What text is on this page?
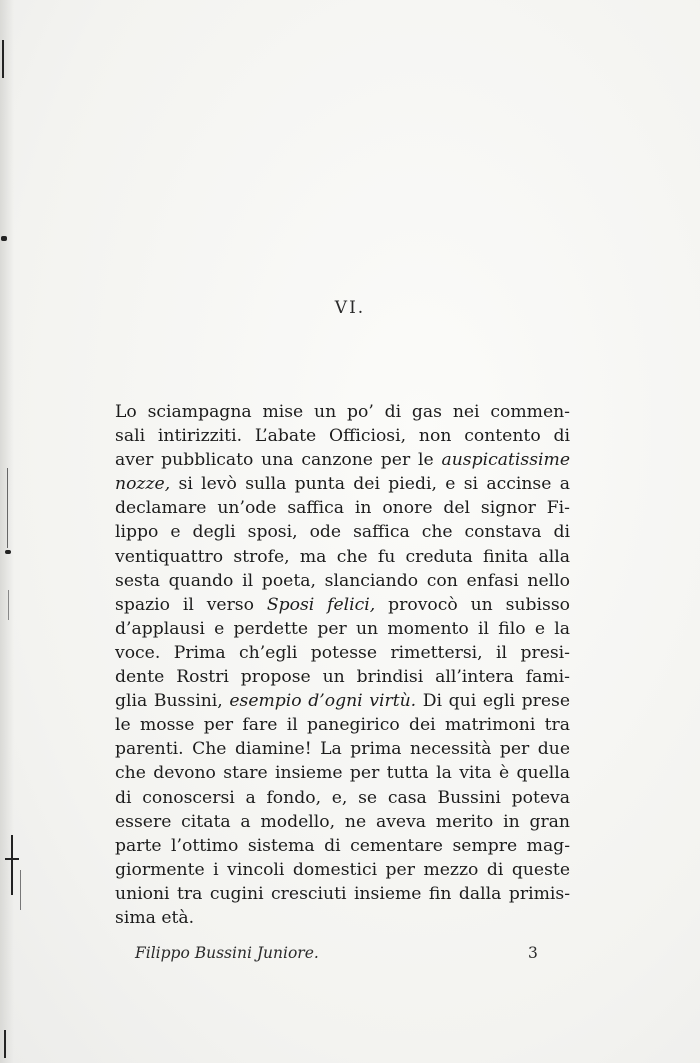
VI.
Lo sciampagna mise un po’ di gas nei commen-
sali intirizziti. L’abate Officiosi, non contento di
aver pubblicato una canzone per le auspicatissime
nozze, si levò sulla punta dei piedi, e si accinse a
declamare un’ode saffica in onore del signor Fi-
lippo e degli sposi, ode saffica che constava di
ventiquattro strofe, ma che fu creduta finita alla
sesta quando il poeta, slanciando con enfasi nello
spazio il verso Sposi felici, provocò un subisso
d’applausi e perdette per un momento il filo e la
voce. Prima ch’egli potesse rimettersi, il presi-
dente Rostri propose un brindisi all’intera fami-
glia Bussini, esempio d’ogni virtù. Di qui egli prese
le mosse per fare il panegirico dei matrimoni tra
parenti. Che diamine! La prima necessità per due
che devono stare insieme per tutta la vita è quella
di conoscersi a fondo, e, se casa Bussini poteva
essere citata a modello, ne aveva merito in gran
parte l’ottimo sistema di cementare sempre mag-
giormente i vincoli domestici per mezzo di queste
unioni tra cugini cresciuti insieme fin dalla primis-
sima età.
Filippo Bussini Juniore.	3
